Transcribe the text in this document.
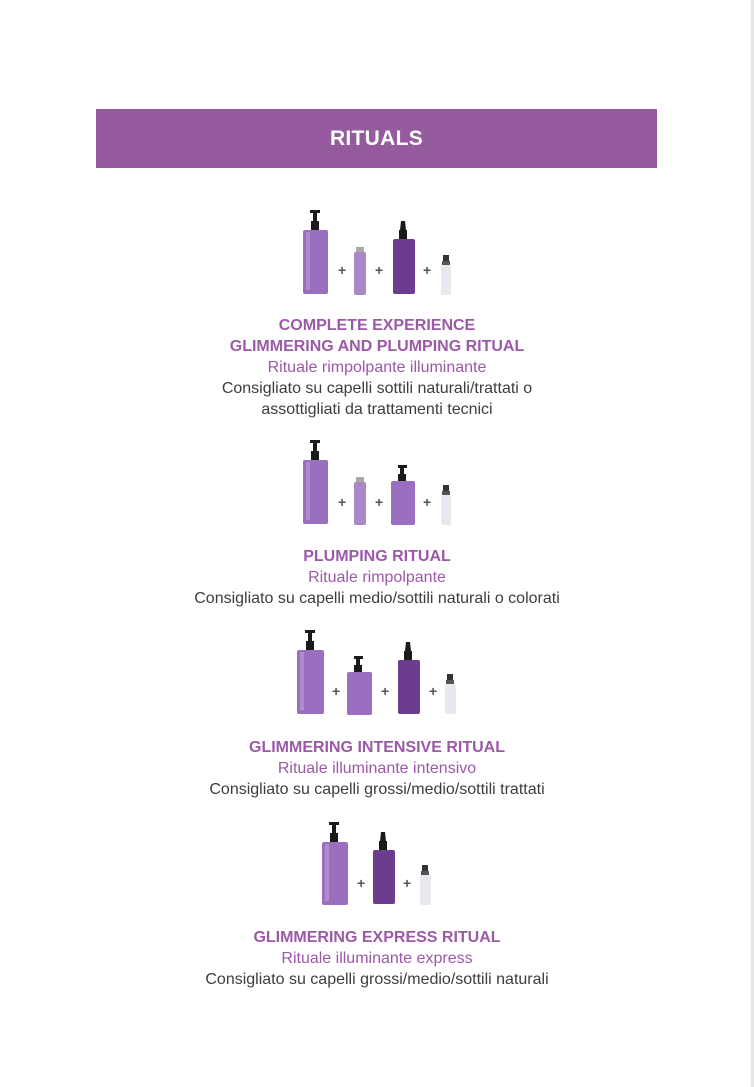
RITUALS
+ +	+
COMPLETE EXPERIENCE
GLIMMERING AND PLUMPING RITUAL
Rituale rimpolpante illuminante
Consigliato su capelli sottili naturali/trattati o
assottigliati da trattamenti tecnici
+ +	+
PLUMPING RITUAL
Rituale rimpolpante
Consigliato su capelli medio/sottili naturali o colorati
+	+	+
GLIMMERING INTENSIVE RITUAL
Rituale illuminante intensivo
Consigliato su capelli grossi/medio/sottili trattati
+	+
GLIMMERING EXPRESS RITUAL
Rituale illuminante express
Consigliato su capelli grossi/medio/sottili naturali
